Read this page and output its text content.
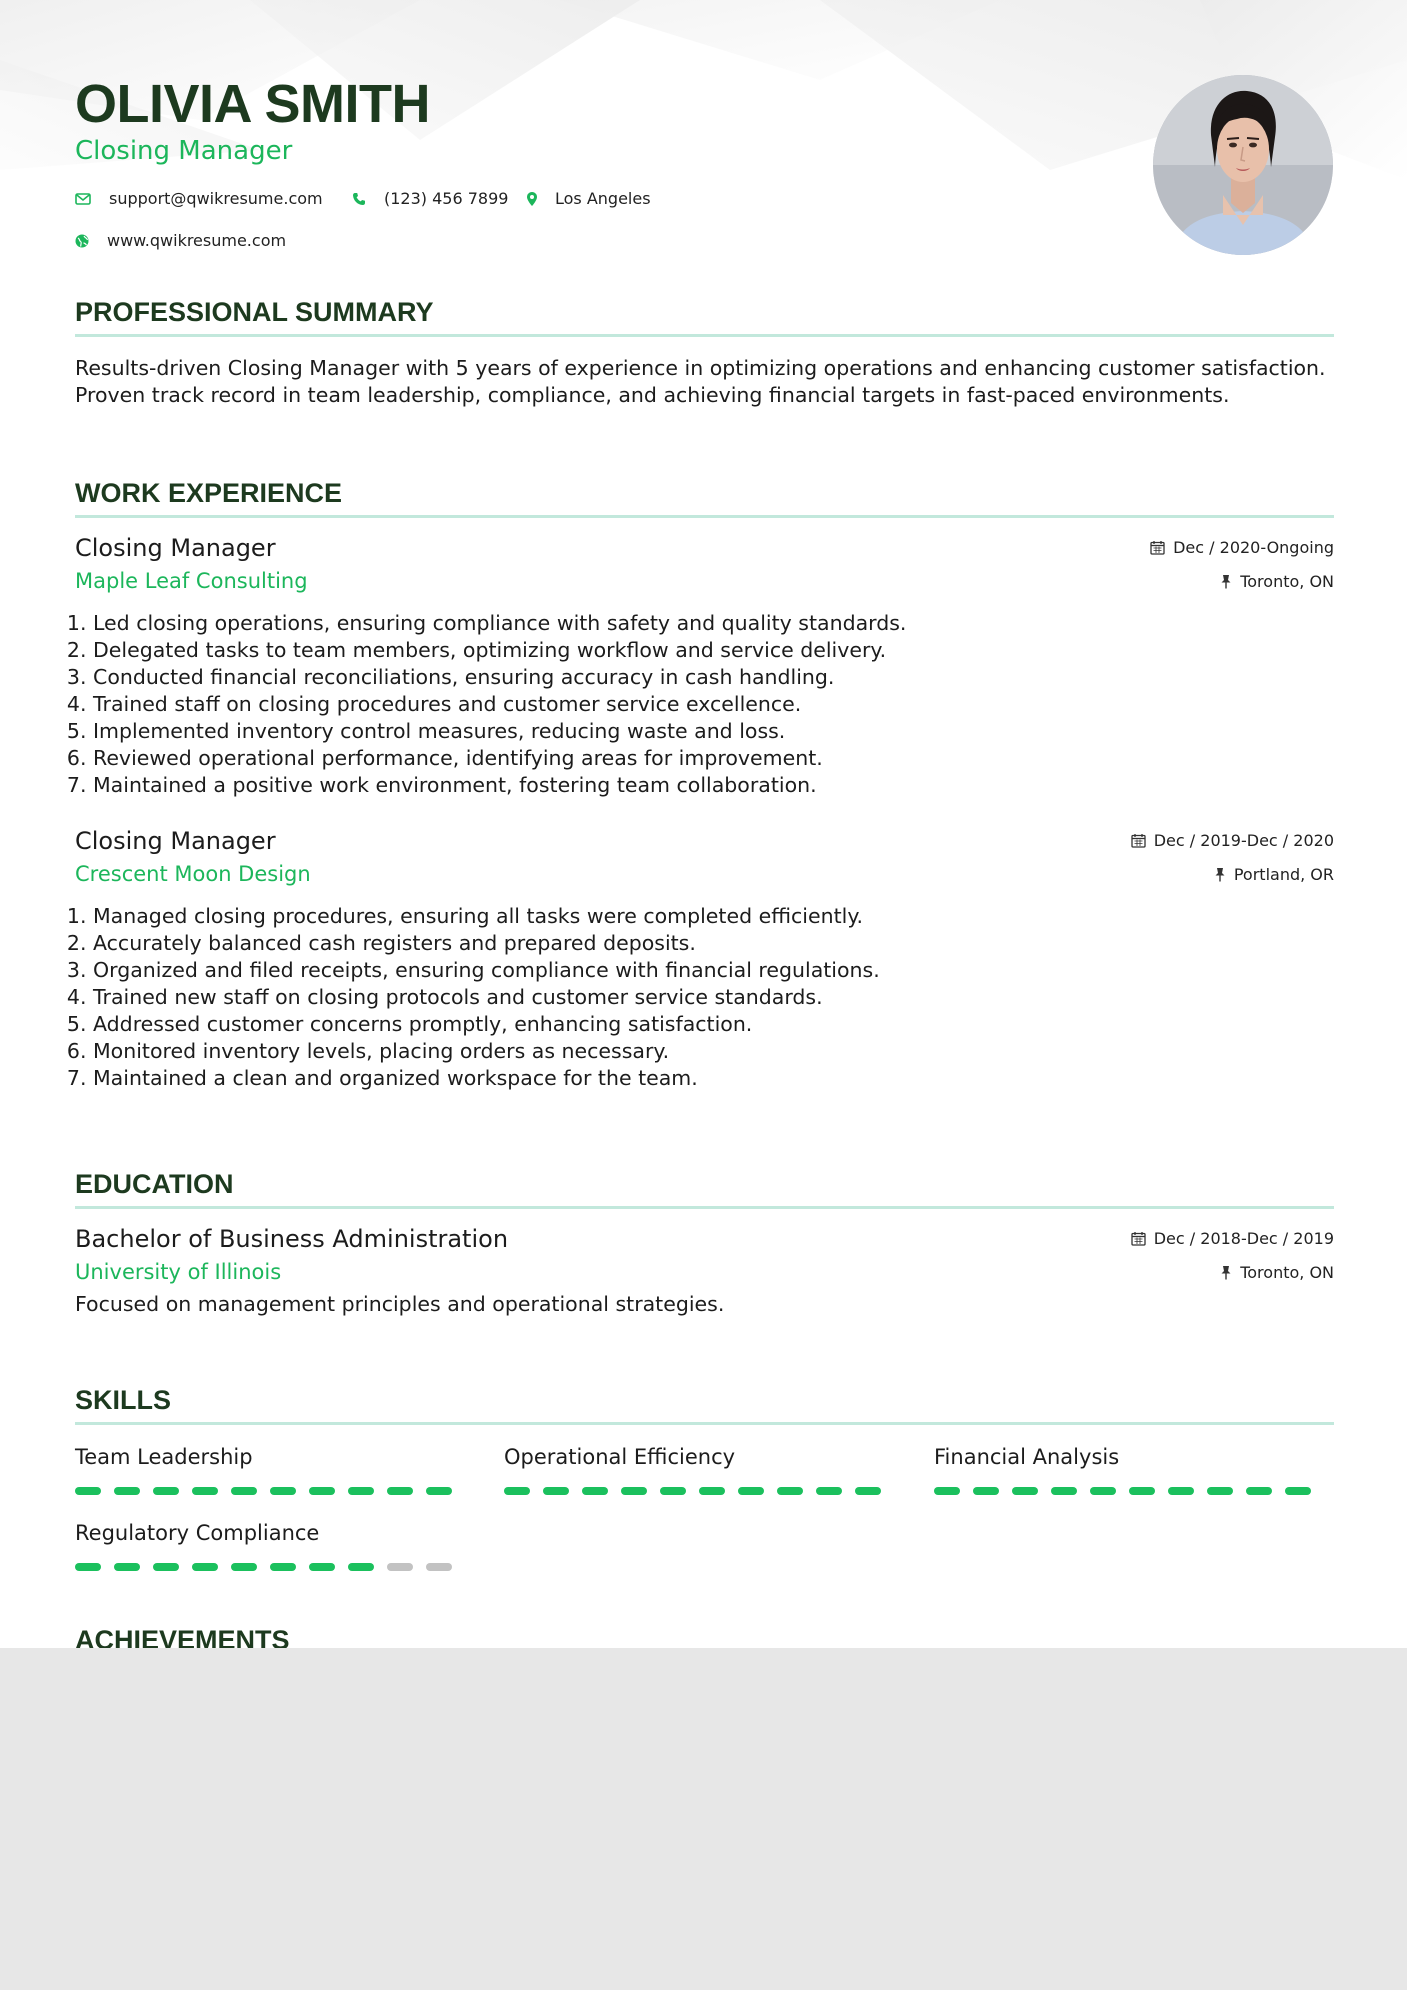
OLIVIA SMITH
Closing Manager
support@qwikresume.com	(123) 456 7899	Los Angeles
www.qwikresume.com
PROFESSIONAL SUMMARY
Results-driven Closing Manager with 5 years of experience in optimizing operations and enhancing customer satisfaction. Proven track record in team leadership, compliance, and achieving financial targets in fast-paced environments.
WORK EXPERIENCE
Closing Manager
Maple Leaf Consulting
Dec / 2020-Ongoing
Toronto, ON
1. Led closing operations, ensuring compliance with safety and quality standards.
2. Delegated tasks to team members, optimizing workflow and service delivery.
3. Conducted financial reconciliations, ensuring accuracy in cash handling.
4. Trained staff on closing procedures and customer service excellence.
5. Implemented inventory control measures, reducing waste and loss.
6. Reviewed operational performance, identifying areas for improvement.
7. Maintained a positive work environment, fostering team collaboration.
Closing Manager
Crescent Moon Design
Dec / 2019-Dec / 2020
Portland, OR
1. Managed closing procedures, ensuring all tasks were completed efficiently.
2. Accurately balanced cash registers and prepared deposits.
3. Organized and filed receipts, ensuring compliance with financial regulations.
4. Trained new staff on closing protocols and customer service standards.
5. Addressed customer concerns promptly, enhancing satisfaction.
6. Monitored inventory levels, placing orders as necessary.
7. Maintained a clean and organized workspace for the team.
EDUCATION
Bachelor of Business Administration
University of Illinois
Dec / 2018-Dec / 2019
Toronto, ON
Focused on management principles and operational strategies.
SKILLS
Team Leadership	Operational Efficiency	Financial Analysis
Regulatory Compliance
ACHIEVEMENTS
